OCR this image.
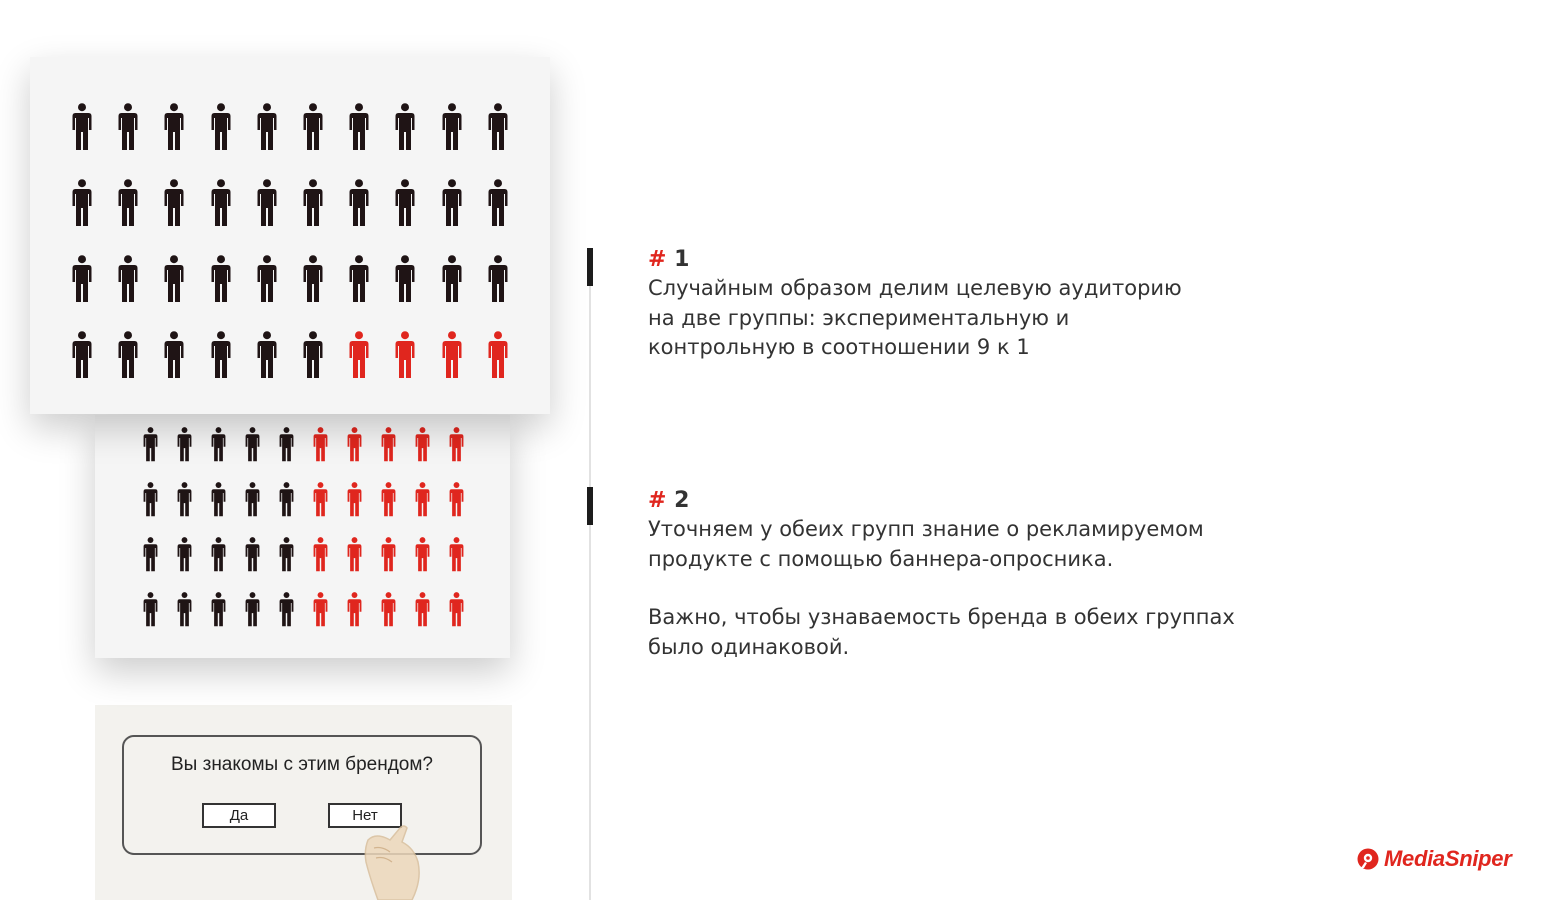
Вы знакомы с этим брендом?
Да	Нет
# 1
Случайным образом делим целевую аудиторию
на две группы: экспериментальную и
контрольную в соотношении 9 к 1
# 2
Уточняем у обеих групп знание о рекламируемом
продукте с помощью баннера-опросника.
Важно, чтобы узнаваемость бренда в обеих группах
было одинаковой.
MediaSniper
